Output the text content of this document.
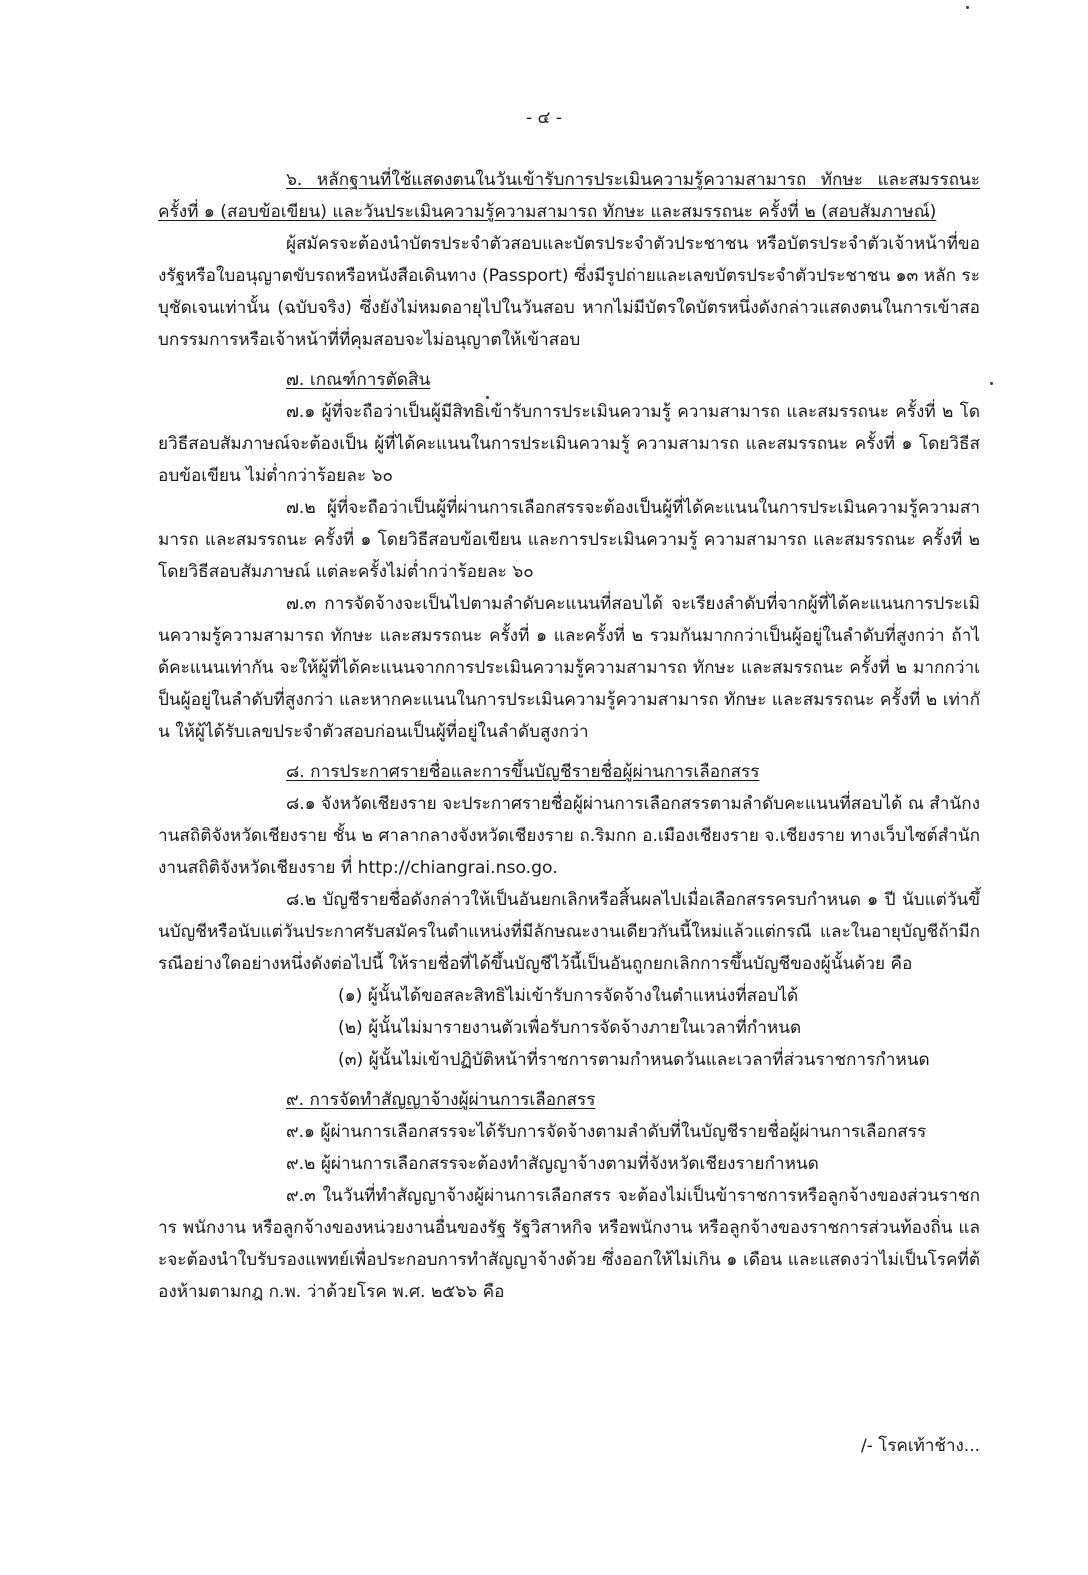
- ๔ -

๖. หลักฐานที่ใช้แสดงตนในวันเข้ารับการประเมินความรู้ความสามารถ ทักษะ และสมรรถนะ ครั้งที่ ๑ (สอบข้อเขียน) และวันประเมินความรู้ความสามารถ ทักษะ และสมรรถนะ ครั้งที่ ๒ (สอบสัมภาษณ์)

ผู้สมัครจะต้องนำบัตรประจำตัวสอบและบัตรประจำตัวประชาชน หรือบัตรประจำตัวเจ้าหน้าที่ของรัฐหรือใบอนุญาตขับรถหรือหนังสือเดินทาง (Passport) ซึ่งมีรูปถ่ายและเลขบัตรประจำตัวประชาชน ๑๓ หลัก ระบุชัดเจนเท่านั้น (ฉบับจริง) ซึ่งยังไม่หมดอายุไปในวันสอบ หากไม่มีบัตรใดบัตรหนึ่งดังกล่าวแสดงตนในการเข้าสอบกรรมการหรือเจ้าหน้าที่ที่คุมสอบจะไม่อนุญาตให้เข้าสอบ

๗. เกณฑ์การตัดสิน

๗.๑ ผู้ที่จะถือว่าเป็นผู้มีสิทธิเข้ารับการประเมินความรู้ ความสามารถ และสมรรถนะ ครั้งที่ ๒ โดยวิธีสอบสัมภาษณ์จะต้องเป็น ผู้ที่ได้คะแนนในการประเมินความรู้ ความสามารถ และสมรรถนะ ครั้งที่ ๑ โดยวิธีสอบข้อเขียน ไม่ต่ำกว่าร้อยละ ๖๐

๗.๒ ผู้ที่จะถือว่าเป็นผู้ที่ผ่านการเลือกสรรจะต้องเป็นผู้ที่ได้คะแนนในการประเมินความรู้ความสามารถ และสมรรถนะ ครั้งที่ ๑ โดยวิธีสอบข้อเขียน และการประเมินความรู้ ความสามารถ และสมรรถนะ ครั้งที่ ๒ โดยวิธีสอบสัมภาษณ์ แต่ละครั้งไม่ต่ำกว่าร้อยละ ๖๐

๗.๓ การจัดจ้างจะเป็นไปตามลำดับคะแนนที่สอบได้ จะเรียงลำดับที่จากผู้ที่ได้คะแนนการประเมินความรู้ความสามารถ ทักษะ และสมรรถนะ ครั้งที่ ๑ และครั้งที่ ๒ รวมกันมากกว่าเป็นผู้อยู่ในลำดับที่สูงกว่า ถ้าได้คะแนนเท่ากัน จะให้ผู้ที่ได้คะแนนจากการประเมินความรู้ความสามารถ ทักษะ และสมรรถนะ ครั้งที่ ๒ มากกว่าเป็นผู้อยู่ในลำดับที่สูงกว่า และหากคะแนนในการประเมินความรู้ความสามารถ ทักษะ และสมรรถนะ ครั้งที่ ๒ เท่ากัน ให้ผู้ได้รับเลขประจำตัวสอบก่อนเป็นผู้ที่อยู่ในลำดับสูงกว่า

๘. การประกาศรายชื่อและการขึ้นบัญชีรายชื่อผู้ผ่านการเลือกสรร

๘.๑ จังหวัดเชียงราย จะประกาศรายชื่อผู้ผ่านการเลือกสรรตามลำดับคะแนนที่สอบได้ ณ สำนักงานสถิติจังหวัดเชียงราย ชั้น ๒ ศาลากลางจังหวัดเชียงราย ถ.ริมกก อ.เมืองเชียงราย จ.เชียงราย ทางเว็บไซต์สำนักงานสถิติจังหวัดเชียงราย ที่ http://chiangrai.nso.go.

๘.๒ บัญชีรายชื่อดังกล่าวให้เป็นอันยกเลิกหรือสิ้นผลไปเมื่อเลือกสรรครบกำหนด ๑ ปี นับแต่วันขึ้นบัญชีหรือนับแต่วันประกาศรับสมัครในตำแหน่งที่มีลักษณะงานเดียวกันนี้ใหม่แล้วแต่กรณี และในอายุบัญชีถ้ามีกรณีอย่างใดอย่างหนึ่งดังต่อไปนี้ ให้รายชื่อที่ได้ขึ้นบัญชีไว้นี้เป็นอันถูกยกเลิกการขึ้นบัญชีของผู้นั้นด้วย คือ

(๑) ผู้นั้นได้ขอสละสิทธิไม่เข้ารับการจัดจ้างในตำแหน่งที่สอบได้

(๒) ผู้นั้นไม่มารายงานตัวเพื่อรับการจัดจ้างภายในเวลาที่กำหนด

(๓) ผู้นั้นไม่เข้าปฏิบัติหน้าที่ราชการตามกำหนดวันและเวลาที่ส่วนราชการกำหนด

๙. การจัดทำสัญญาจ้างผู้ผ่านการเลือกสรร

๙.๑ ผู้ผ่านการเลือกสรรจะได้รับการจัดจ้างตามลำดับที่ในบัญชีรายชื่อผู้ผ่านการเลือกสรร

๙.๒ ผู้ผ่านการเลือกสรรจะต้องทำสัญญาจ้างตามที่จังหวัดเชียงรายกำหนด

๙.๓ ในวันที่ทำสัญญาจ้างผู้ผ่านการเลือกสรร จะต้องไม่เป็นข้าราชการหรือลูกจ้างของส่วนราชการ พนักงาน หรือลูกจ้างของหน่วยงานอื่นของรัฐ รัฐวิสาหกิจ หรือพนักงาน หรือลูกจ้างของราชการส่วนท้องถิ่น และจะต้องนำใบรับรองแพทย์เพื่อประกอบการทำสัญญาจ้างด้วย ซึ่งออกให้ไม่เกิน ๑ เดือน และแสดงว่าไม่เป็นโรคที่ต้องห้ามตามกฎ ก.พ. ว่าด้วยโรค พ.ศ. ๒๕๖๖ คือ

/- โรคเท้าช้าง...
